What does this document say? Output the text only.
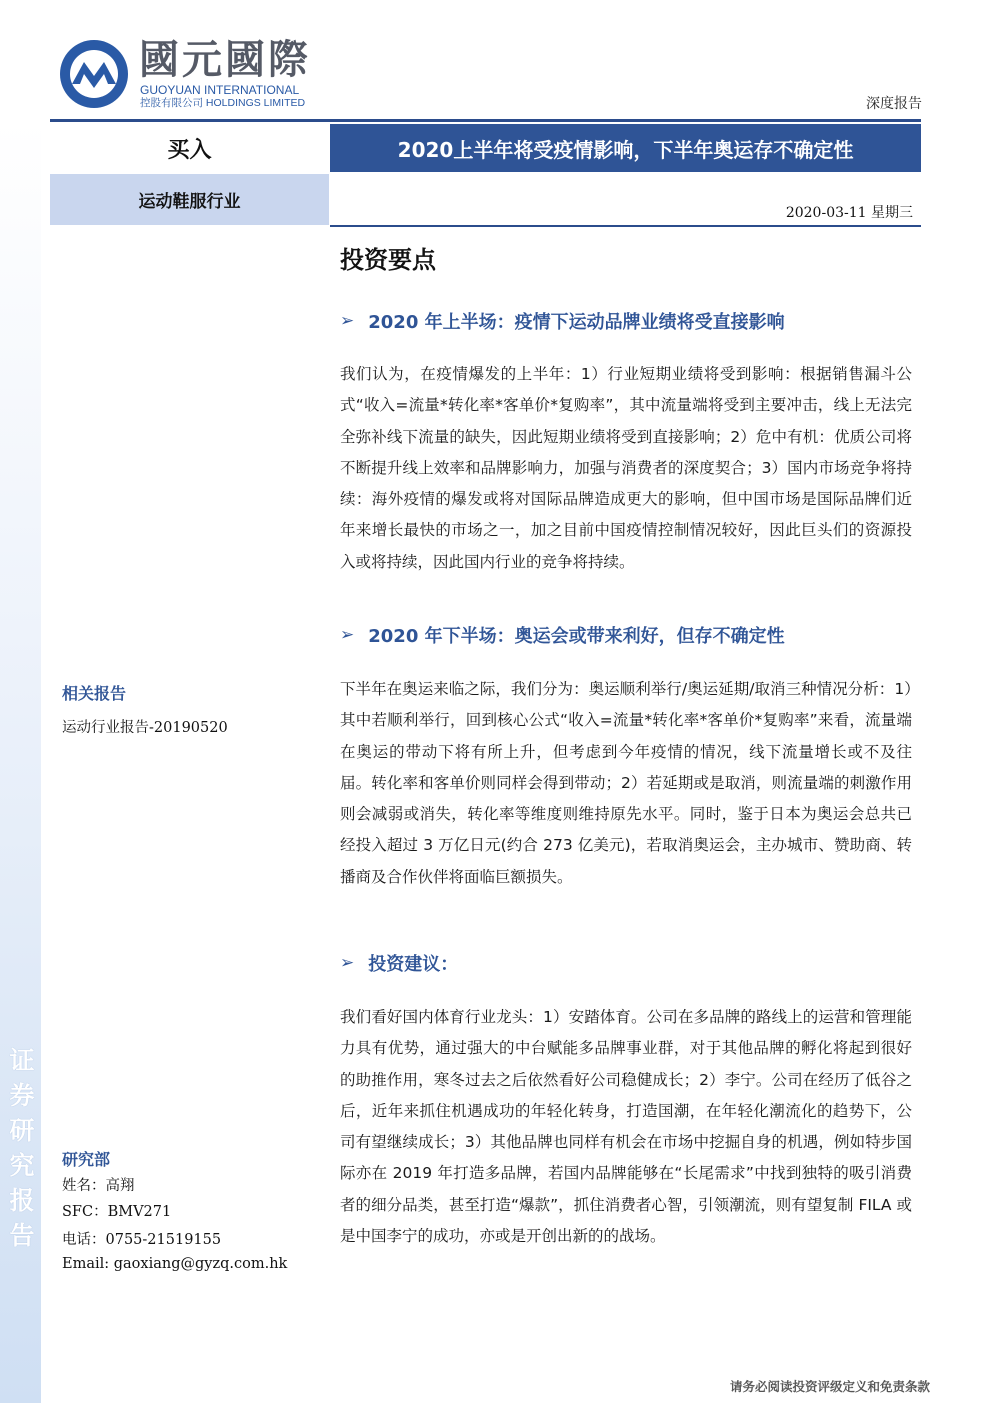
证券研究报告
國元國際
GUOYUAN INTERNATIONAL
控股有限公司 HOLDINGS LIMITED	深度报告
买入	2020上半年将受疫情影响，下半年奥运存不确定性
运动鞋服行业
2020-03-11 星期三
投资要点
➢ 2020 年上半场：疫情下运动品牌业绩将受直接影响
我们认为，在疫情爆发的上半年：1）行业短期业绩将受到影响：根据销售漏斗公式“收入=流量*转化率*客单价*复购率”，其中流量端将受到主要冲击，线上无法完全弥补线下流量的缺失，因此短期业绩将受到直接影响；2）危中有机：优质公司将不断提升线上效率和品牌影响力，加强与消费者的深度契合；3）国内市场竞争将持续：海外疫情的爆发或将对国际品牌造成更大的影响，但中国市场是国际品牌们近年来增长最快的市场之一，加之目前中国疫情控制情况较好，因此巨头们的资源投入或将持续，因此国内行业的竞争将持续。
➢ 2020 年下半场：奥运会或带来利好，但存不确定性
下半年在奥运来临之际，我们分为：奥运顺利举行/奥运延期/取消三种情况分析：1）其中若顺利举行，回到核心公式“收入=流量*转化率*客单价*复购率”来看，流量端在奥运的带动下将有所上升，但考虑到今年疫情的情况，线下流量增长或不及往届。转化率和客单价则同样会得到带动；2）若延期或是取消，则流量端的刺激作用则会减弱或消失，转化率等维度则维持原先水平。同时，鉴于日本为奥运会总共已经投入超过 3 万亿日元(约合 273 亿美元)，若取消奥运会，主办城市、赞助商、转播商及合作伙伴将面临巨额损失。
➢ 投资建议：
我们看好国内体育行业龙头：1）安踏体育。公司在多品牌的路线上的运营和管理能力具有优势，通过强大的中台赋能多品牌事业群，对于其他品牌的孵化将起到很好的助推作用，寒冬过去之后依然看好公司稳健成长；2）李宁。公司在经历了低谷之后，近年来抓住机遇成功的年轻化转身，打造国潮，在年轻化潮流化的趋势下，公司有望继续成长；3）其他品牌也同样有机会在市场中挖掘自身的机遇，例如特步国际亦在 2019 年打造多品牌，若国内品牌能够在“长尾需求”中找到独特的吸引消费者的细分品类，甚至打造“爆款”，抓住消费者心智，引领潮流，则有望复制 FILA 或是中国李宁的成功，亦或是开创出新的的战场。
相关报告
运动行业报告-20190520
研究部
姓名：高翔
SFC：BMV271
电话：0755-21519155
Email: gaoxiang@gyzq.com.hk
请务必阅读投资评级定义和免责条款
